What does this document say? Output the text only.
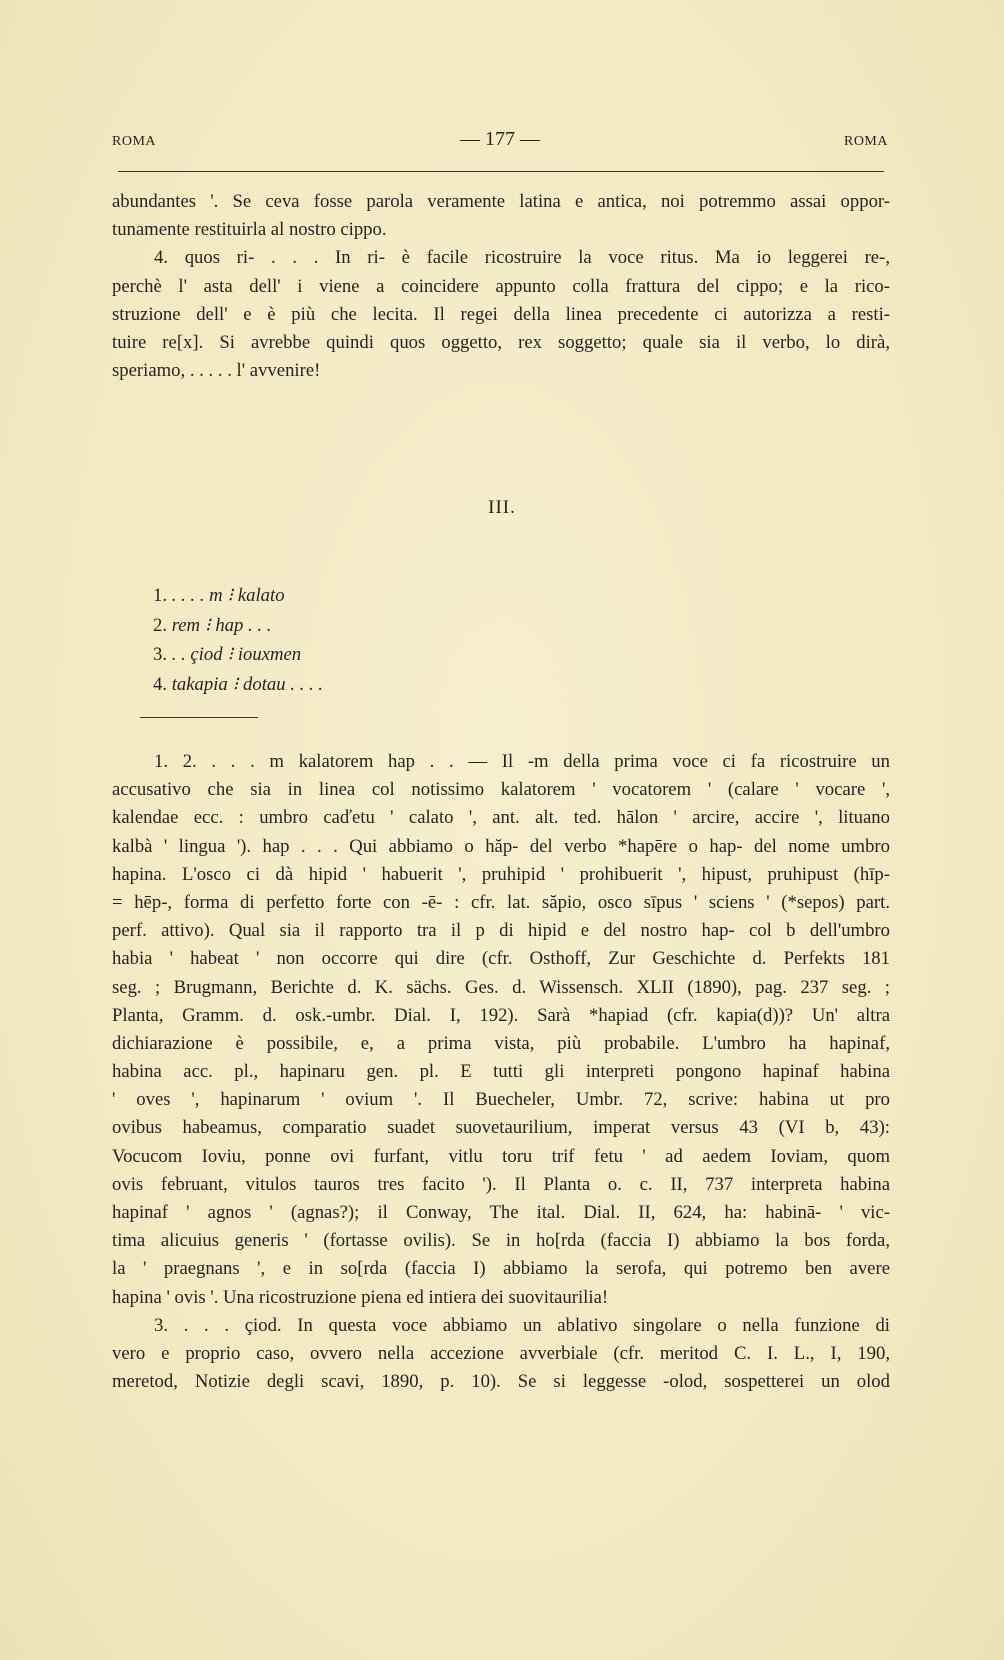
ROMA	— 177 —	ROMA
abundantes '. Se ceva fosse parola veramente latina e antica, noi potremmo assai oppor-
tunamente restituirla al nostro cippo.
4. quos ri- . . . In ri- è facile ricostruire la voce ritus. Ma io leggerei re-,
perchè l' asta dell' i viene a coincidere appunto colla frattura del cippo; e la rico-
struzione dell' e è più che lecita. Il regei della linea precedente ci autorizza a resti-
tuire re[x]. Si avrebbe quindi quos oggetto, rex soggetto; quale sia il verbo, lo dirà,
speriamo, . . . . . l' avvenire!
III.
1. . . . . m ⁝ kalato
2. rem ⁝ hap . . .
3. . . çiod ⁝ iouxmen
4. takapia ⁝ dotau . . . .
1. 2. . . . m kalatorem hap . . — Il -m della prima voce ci fa ricostruire un
accusativo che sia in linea col notissimo kalatorem ' vocatorem ' (calare ' vocare ',
kalendae ecc. : umbro caďetu ' calato ', ant. alt. ted. hālon ' arcire, accire ', lituano
kalbà ' lingua '). hap . . . Qui abbiamo o hăp- del verbo *hapēre o hap- del nome umbro
hapina. L'osco ci dà hipid ' habuerit ', pruhipid ' prohibuerit ', hipust, pruhipust (hīp-
= hēp-, forma di perfetto forte con -ē- : cfr. lat. săpio, osco sīpus ' sciens ' (*sepos) part.
perf. attivo). Qual sia il rapporto tra il p di hipid e del nostro hap- col b dell'umbro
habia ' habeat ' non occorre qui dire (cfr. Osthoff, Zur Geschichte d. Perfekts 181
seg. ; Brugmann, Berichte d. K. sächs. Ges. d. Wissensch. XLII (1890), pag. 237 seg. ;
Planta, Gramm. d. osk.-umbr. Dial. I, 192). Sarà *hapiad (cfr. kapia(d))? Un' altra
dichiarazione è possibile, e, a prima vista, più probabile. L'umbro ha hapinaf,
habina acc. pl., hapinaru gen. pl. E tutti gli interpreti pongono hapinaf habina
' oves ', hapinarum ' ovium '. Il Buecheler, Umbr. 72, scrive: habina ut pro
ovibus habeamus, comparatio suadet suovetaurilium, imperat versus 43 (VI b, 43):
Vocucom Ioviu, ponne ovi furfant, vitlu toru trif fetu ' ad aedem Ioviam, quom
ovis februant, vitulos tauros tres facito '). Il Planta o. c. II, 737 interpreta habina
hapinaf ' agnos ' (agnas?); il Conway, The ital. Dial. II, 624, ha: habinā- ' vic-
tima alicuius generis ' (fortasse ovilis). Se in ho[rda (faccia I) abbiamo la bos forda,
la ' praegnans ', e in so[rda (faccia I) abbiamo la serofa, qui potremo ben avere
hapina ' ovis '. Una ricostruzione piena ed intiera dei suovitaurilia!
3. . . . çiod. In questa voce abbiamo un ablativo singolare o nella funzione di
vero e proprio caso, ovvero nella accezione avverbiale (cfr. meritod C. I. L., I, 190,
meretod, Notizie degli scavi, 1890, p. 10). Se si leggesse -olod, sospetterei un olod
